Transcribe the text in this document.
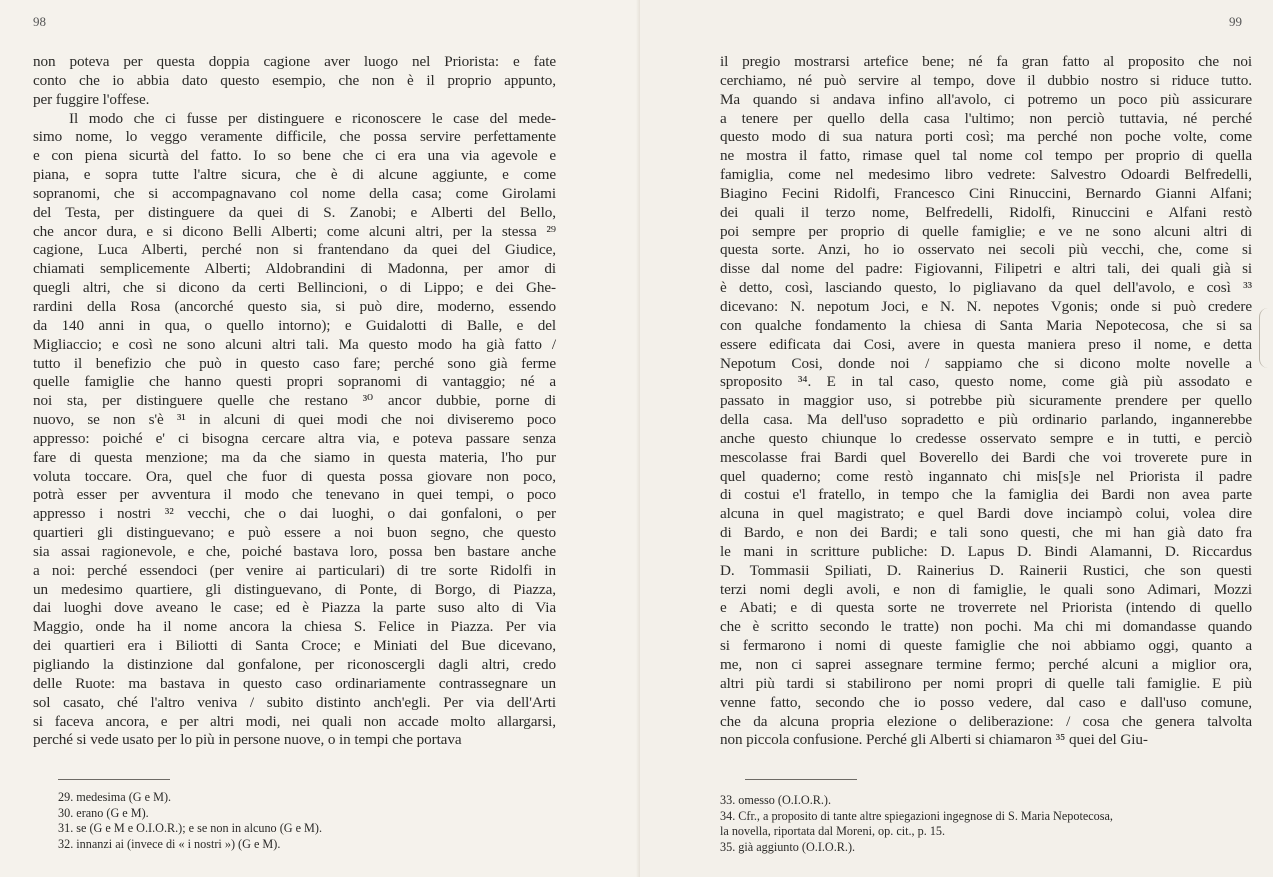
98
non poteva per questa doppia cagione aver luogo nel Priorista: e fate
conto che io abbia dato questo esempio, che non è il proprio appunto,
per fuggire l'offese.
Il modo che ci fusse per distinguere e riconoscere le case del mede-
simo nome, lo veggo veramente difficile, che possa servire perfettamente
e con piena sicurtà del fatto. Io so bene che ci era una via agevole e
piana, e sopra tutte l'altre sicura, che è di alcune aggiunte, e come
sopranomi, che si accompagnavano col nome della casa; come Girolami
del Testa, per distinguere da quei di S. Zanobi; e Alberti del Bello,
che ancor dura, e si dicono Belli Alberti; come alcuni altri, per la stessa ²⁹
cagione, Luca Alberti, perché non si frantendano da quei del Giudice,
chiamati semplicemente Alberti; Aldobrandini di Madonna, per amor di
quegli altri, che si dicono da certi Bellincioni, o di Lippo; e dei Ghe-
rardini della Rosa (ancorché questo sia, si può dire, moderno, essendo
da 140 anni in qua, o quello intorno); e Guidalotti di Balle, e del
Migliaccio; e così ne sono alcuni altri tali. Ma questo modo ha già fatto /
tutto il benefizio che può in questo caso fare; perché sono già ferme
quelle famiglie che hanno questi propri sopranomi di vantaggio; né a
noi sta, per distinguere quelle che restano ³⁰ ancor dubbie, porne di
nuovo, se non s'è ³¹ in alcuni di quei modi che noi diviseremo poco
appresso: poiché e' ci bisogna cercare altra via, e poteva passare senza
fare di questa menzione; ma da che siamo in questa materia, l'ho pur
voluta toccare. Ora, quel che fuor di questa possa giovare non poco,
potrà esser per avventura il modo che tenevano in quei tempi, o poco
appresso i nostri ³² vecchi, che o dai luoghi, o dai gonfaloni, o per
quartieri gli distinguevano; e può essere a noi buon segno, che questo
sia assai ragionevole, e che, poiché bastava loro, possa ben bastare anche
a noi: perché essendoci (per venire ai particulari) di tre sorte Ridolfi in
un medesimo quartiere, gli distinguevano, di Ponte, di Borgo, di Piazza,
dai luoghi dove aveano le case; ed è Piazza la parte suso alto di Via
Maggio, onde ha il nome ancora la chiesa S. Felice in Piazza. Per via
dei quartieri era i Biliotti di Santa Croce; e Miniati del Bue dicevano,
pigliando la distinzione dal gonfalone, per riconoscergli dagli altri, credo
delle Ruote: ma bastava in questo caso ordinariamente contrassegnare un
sol casato, ché l'altro veniva / subito distinto anch'egli. Per via dell'Arti
si faceva ancora, e per altri modi, nei quali non accade molto allargarsi,
perché si vede usato per lo più in persone nuove, o in tempi che portava
29. medesima (G e M).
30. erano (G e M).
31. se (G e M e O.I.O.R.); e se non in alcuno (G e M).
32. innanzi ai (invece di « i nostri ») (G e M).
99
il pregio mostrarsi artefice bene; né fa gran fatto al proposito che noi
cerchiamo, né può servire al tempo, dove il dubbio nostro si riduce tutto.
Ma quando si andava infino all'avolo, ci potremo un poco più assicurare
a tenere per quello della casa l'ultimo; non perciò tuttavia, né perché
questo modo di sua natura porti così; ma perché non poche volte, come
ne mostra il fatto, rimase quel tal nome col tempo per proprio di quella
famiglia, come nel medesimo libro vedrete: Salvestro Odoardi Belfredelli,
Biagino Fecini Ridolfi, Francesco Cini Rinuccini, Bernardo Gianni Alfani;
dei quali il terzo nome, Belfredelli, Ridolfi, Rinuccini e Alfani restò
poi sempre per proprio di quelle famiglie; e ve ne sono alcuni altri di
questa sorte. Anzi, ho io osservato nei secoli più vecchi, che, come si
disse dal nome del padre: Figiovanni, Filipetri e altri tali, dei quali già si
è detto, così, lasciando questo, lo pigliavano da quel dell'avolo, e così ³³
dicevano: N. nepotum Joci, e N. N. nepotes Vgonis; onde si può credere
con qualche fondamento la chiesa di Santa Maria Nepotecosa, che si sa
essere edificata dai Cosi, avere in questa maniera preso il nome, e detta
Nepotum Cosi, donde noi / sappiamo che si dicono molte novelle a
sproposito ³⁴. E in tal caso, questo nome, come già più assodato e
passato in maggior uso, si potrebbe più sicuramente prendere per quello
della casa. Ma dell'uso sopradetto e più ordinario parlando, ingannerebbe
anche questo chiunque lo credesse osservato sempre e in tutti, e perciò
mescolasse frai Bardi quel Boverello dei Bardi che voi troverete pure in
quel quaderno; come restò ingannato chi mis[s]e nel Priorista il padre
di costui e'l fratello, in tempo che la famiglia dei Bardi non avea parte
alcuna in quel magistrato; e quel Bardi dove inciampò colui, volea dire
di Bardo, e non dei Bardi; e tali sono questi, che mi han già dato fra
le mani in scritture publiche: D. Lapus D. Bindi Alamanni, D. Riccardus
D. Tommasii Spiliati, D. Rainerius D. Rainerii Rustici, che son questi
terzi nomi degli avoli, e non di famiglie, le quali sono Adimari, Mozzi
e Abati; e di questa sorte ne troverrete nel Priorista (intendo di quello
che è scritto secondo le tratte) non pochi. Ma chi mi domandasse quando
si fermarono i nomi di queste famiglie che noi abbiamo oggi, quanto a
me, non ci saprei assegnare termine fermo; perché alcuni a miglior ora,
altri più tardi si stabilirono per nomi propri di quelle tali famiglie. E più
venne fatto, secondo che io posso vedere, dal caso e dall'uso comune,
che da alcuna propria elezione o deliberazione: / cosa che genera talvolta
non piccola confusione. Perché gli Alberti si chiamaron ³⁵ quei del Giu-
33. omesso (O.I.O.R.).
34. Cfr., a proposito di tante altre spiegazioni ingegnose di S. Maria Nepotecosa,
la novella, riportata dal Moreni, op. cit., p. 15.
35. già aggiunto (O.I.O.R.).
